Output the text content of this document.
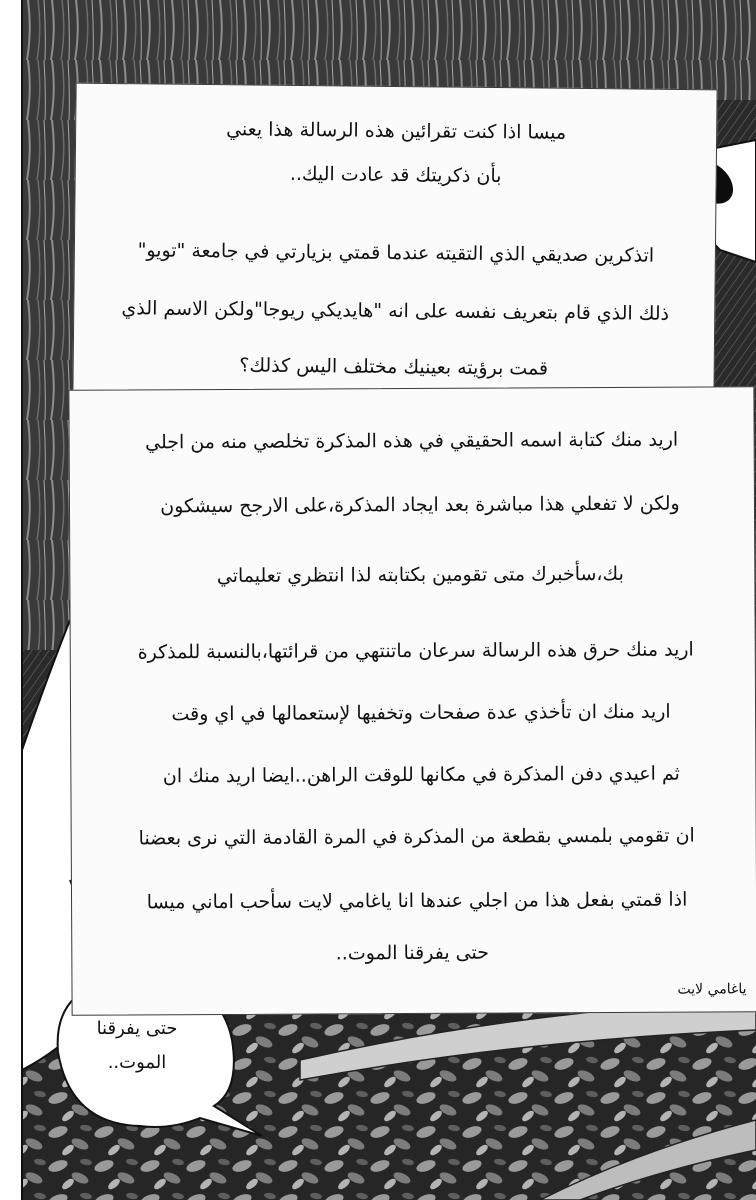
ميسا اذا كنت تقرائين هذه الرسالة هذا يعني
بأن ذكريتك قد عادت اليك..
اتذكرين صديقي الذي التقيته عندما قمتي بزيارتي في جامعة "تويو"
ذلك الذي قام بتعريف نفسه على انه "هايديكي ريوجا"ولكن الاسم الذي
قمت برؤيته بعينيك مختلف اليس كذلك؟
اريد منك كتابة اسمه الحقيقي في هذه المذكرة تخلصي منه من اجلي
ولكن لا تفعلي هذا مباشرة بعد ايجاد المذكرة،على الارجح سيشكون
بك،سأخبرك متى تقومين بكتابته لذا انتظري تعليماتي
اريد منك حرق هذه الرسالة سرعان ماتنتهي من قرائتها،بالنسبة للمذكرة
اريد منك ان تأخذي عدة صفحات وتخفيها لإستعمالها في اي وقت
ثم اعيدي دفن المذكرة في مكانها للوقت الراهن..ايضا اريد منك ان
ان تقومي بلمسي بقطعة من المذكرة في المرة القادمة التي نرى بعضنا
اذا قمتي بفعل هذا من اجلي عندها انا ياغامي لايت سأحب اماني ميسا
حتى يفرقنا الموت..
ياغامي لايت
حتى يفرقنا
الموت..
